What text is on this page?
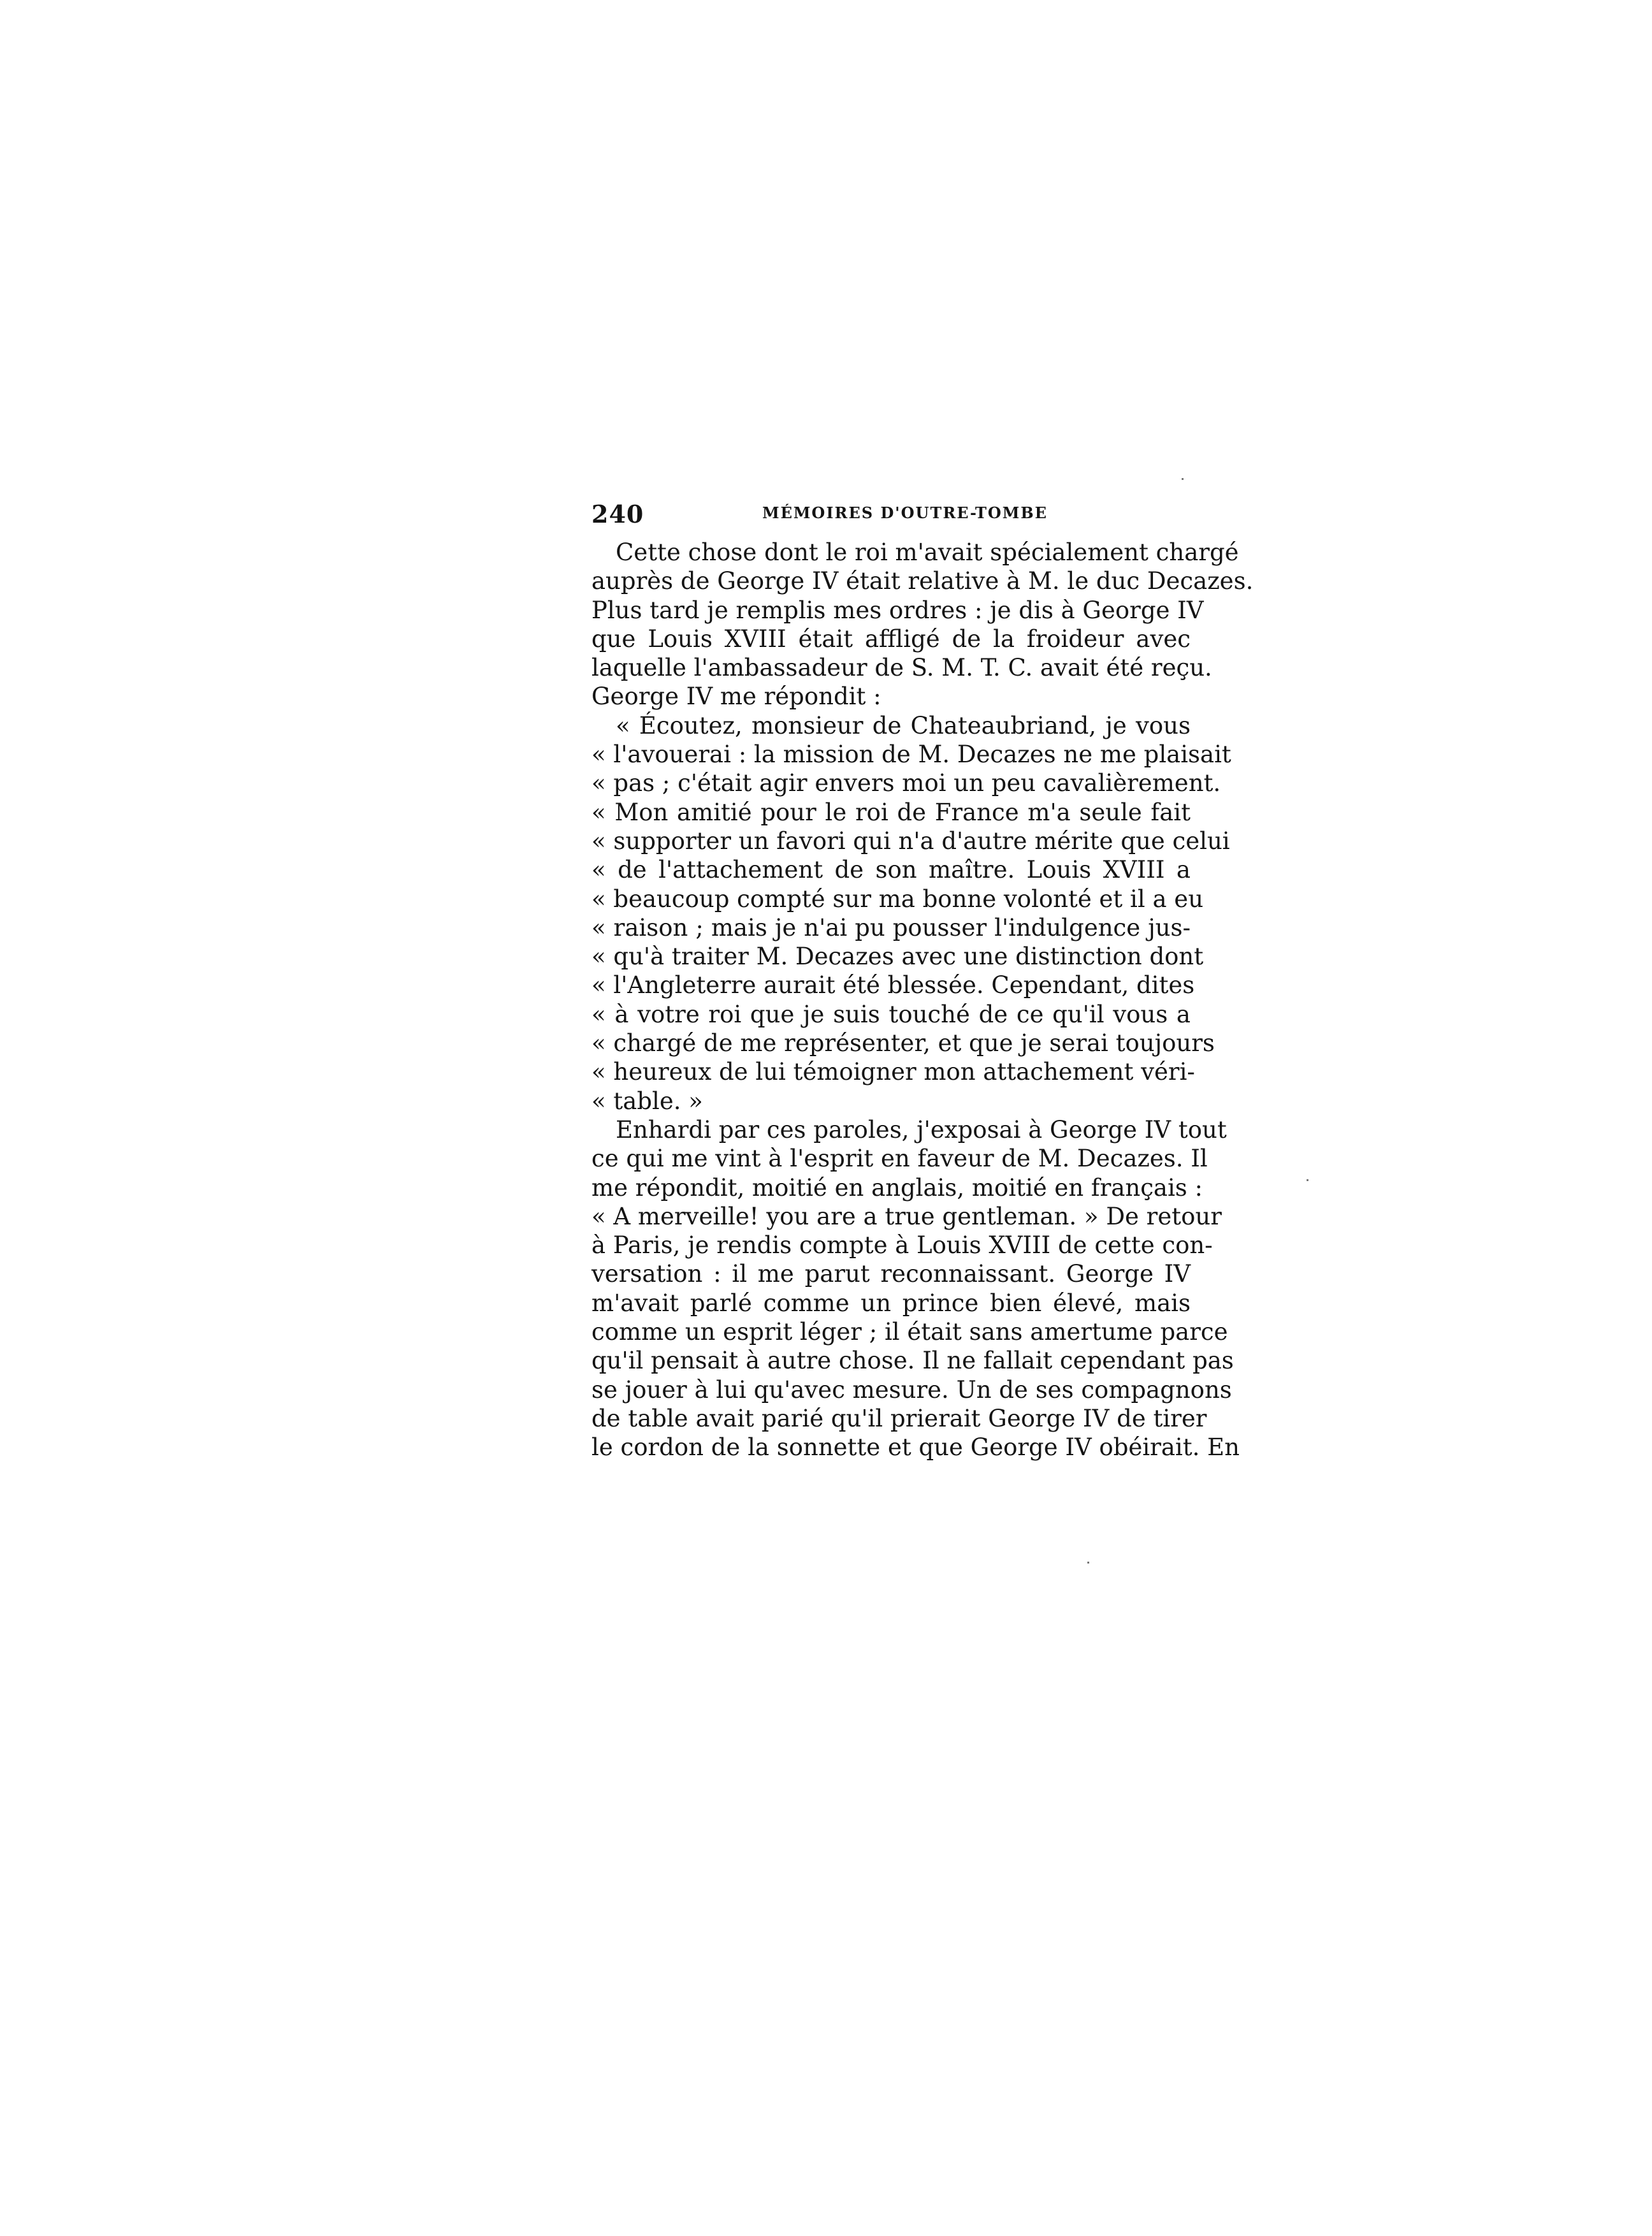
240	MÉMOIRES D'OUTRE-TOMBE
Cette chose dont le roi m'avait spécialement chargé
auprès de George IV était relative à M. le duc Decazes.
Plus tard je remplis mes ordres : je dis à George IV
que Louis XVIII était affligé de la froideur avec
laquelle l'ambassadeur de S. M. T. C. avait été reçu.
George IV me répondit :
« Écoutez, monsieur de Chateaubriand, je vous
« l'avouerai : la mission de M. Decazes ne me plaisait
« pas ; c'était agir envers moi un peu cavalièrement.
« Mon amitié pour le roi de France m'a seule fait
« supporter un favori qui n'a d'autre mérite que celui
« de l'attachement de son maître. Louis XVIII a
« beaucoup compté sur ma bonne volonté et il a eu
« raison ; mais je n'ai pu pousser l'indulgence jus-
« qu'à traiter M. Decazes avec une distinction dont
« l'Angleterre aurait été blessée. Cependant, dites
« à votre roi que je suis touché de ce qu'il vous a
« chargé de me représenter, et que je serai toujours
« heureux de lui témoigner mon attachement véri-
« table. »
Enhardi par ces paroles, j'exposai à George IV tout
ce qui me vint à l'esprit en faveur de M. Decazes. Il
me répondit, moitié en anglais, moitié en français :
« A merveille! you are a true gentleman. » De retour
à Paris, je rendis compte à Louis XVIII de cette con-
versation : il me parut reconnaissant. George IV
m'avait parlé comme un prince bien élevé, mais
comme un esprit léger ; il était sans amertume parce
qu'il pensait à autre chose. Il ne fallait cependant pas
se jouer à lui qu'avec mesure. Un de ses compagnons
de table avait parié qu'il prierait George IV de tirer
le cordon de la sonnette et que George IV obéirait. En
